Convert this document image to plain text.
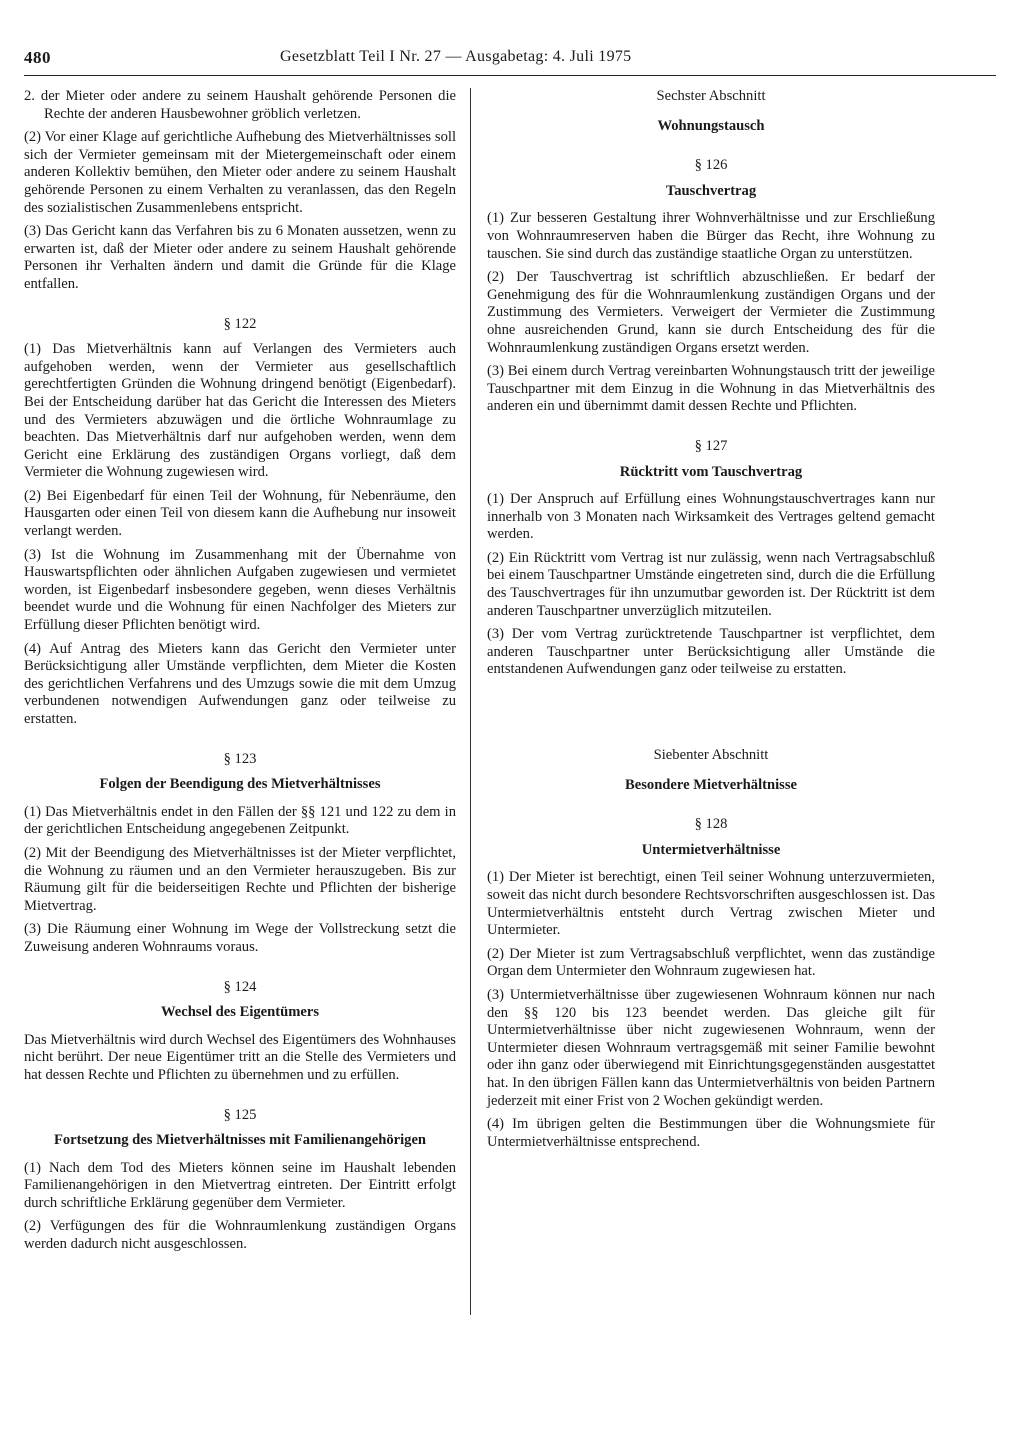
480	Gesetzblatt Teil I Nr. 27 — Ausgabetag: 4. Juli 1975

2. der Mieter oder andere zu seinem Haushalt gehörende Personen die Rechte der anderen Hausbewohner gröblich verletzen.

(2) Vor einer Klage auf gerichtliche Aufhebung des Mietverhältnisses soll sich der Vermieter gemeinsam mit der Mietergemeinschaft oder einem anderen Kollektiv bemühen, den Mieter oder andere zu seinem Haushalt gehörende Personen zu einem Verhalten zu veranlassen, das den Regeln des sozialistischen Zusammenlebens entspricht.

(3) Das Gericht kann das Verfahren bis zu 6 Monaten aussetzen, wenn zu erwarten ist, daß der Mieter oder andere zu seinem Haushalt gehörende Personen ihr Verhalten ändern und damit die Gründe für die Klage entfallen.

§ 122

(1) Das Mietverhältnis kann auf Verlangen des Vermieters auch aufgehoben werden, wenn der Vermieter aus gesellschaftlich gerechtfertigten Gründen die Wohnung dringend benötigt (Eigenbedarf). Bei der Entscheidung darüber hat das Gericht die Interessen des Mieters und des Vermieters abzuwägen und die örtliche Wohnraumlage zu beachten. Das Mietverhältnis darf nur aufgehoben werden, wenn dem Gericht eine Erklärung des zuständigen Organs vorliegt, daß dem Vermieter die Wohnung zugewiesen wird.

(2) Bei Eigenbedarf für einen Teil der Wohnung, für Nebenräume, den Hausgarten oder einen Teil von diesem kann die Aufhebung nur insoweit verlangt werden.

(3) Ist die Wohnung im Zusammenhang mit der Übernahme von Hauswartspflichten oder ähnlichen Aufgaben zugewiesen und vermietet worden, ist Eigenbedarf insbesondere gegeben, wenn dieses Verhältnis beendet wurde und die Wohnung für einen Nachfolger des Mieters zur Erfüllung dieser Pflichten benötigt wird.

(4) Auf Antrag des Mieters kann das Gericht den Vermieter unter Berücksichtigung aller Umstände verpflichten, dem Mieter die Kosten des gerichtlichen Verfahrens und des Umzugs sowie die mit dem Umzug verbundenen notwendigen Aufwendungen ganz oder teilweise zu erstatten.

§ 123
Folgen der Beendigung des Mietverhältnisses

(1) Das Mietverhältnis endet in den Fällen der §§ 121 und 122 zu dem in der gerichtlichen Entscheidung angegebenen Zeitpunkt.

(2) Mit der Beendigung des Mietverhältnisses ist der Mieter verpflichtet, die Wohnung zu räumen und an den Vermieter herauszugeben. Bis zur Räumung gilt für die beiderseitigen Rechte und Pflichten der bisherige Mietvertrag.

(3) Die Räumung einer Wohnung im Wege der Vollstreckung setzt die Zuweisung anderen Wohnraums voraus.

§ 124
Wechsel des Eigentümers

Das Mietverhältnis wird durch Wechsel des Eigentümers des Wohnhauses nicht berührt. Der neue Eigentümer tritt an die Stelle des Vermieters und hat dessen Rechte und Pflichten zu übernehmen und zu erfüllen.

§ 125
Fortsetzung des Mietverhältnisses mit Familienangehörigen

(1) Nach dem Tod des Mieters können seine im Haushalt lebenden Familienangehörigen in den Mietvertrag eintreten. Der Eintritt erfolgt durch schriftliche Erklärung gegenüber dem Vermieter.

(2) Verfügungen des für die Wohnraumlenkung zuständigen Organs werden dadurch nicht ausgeschlossen.

Sechster Abschnitt
Wohnungstausch
§ 126
Tauschvertrag

(1) Zur besseren Gestaltung ihrer Wohnverhältnisse und zur Erschließung von Wohnraumreserven haben die Bürger das Recht, ihre Wohnung zu tauschen. Sie sind durch das zuständige staatliche Organ zu unterstützen.

(2) Der Tauschvertrag ist schriftlich abzuschließen. Er bedarf der Genehmigung des für die Wohnraumlenkung zuständigen Organs und der Zustimmung des Vermieters. Verweigert der Vermieter die Zustimmung ohne ausreichenden Grund, kann sie durch Entscheidung des für die Wohnraumlenkung zuständigen Organs ersetzt werden.

(3) Bei einem durch Vertrag vereinbarten Wohnungstausch tritt der jeweilige Tauschpartner mit dem Einzug in die Wohnung in das Mietverhältnis des anderen ein und übernimmt damit dessen Rechte und Pflichten.

§ 127
Rücktritt vom Tauschvertrag

(1) Der Anspruch auf Erfüllung eines Wohnungstauschvertrages kann nur innerhalb von 3 Monaten nach Wirksamkeit des Vertrages geltend gemacht werden.

(2) Ein Rücktritt vom Vertrag ist nur zulässig, wenn nach Vertragsabschluß bei einem Tauschpartner Umstände eingetreten sind, durch die die Erfüllung des Tauschvertrages für ihn unzumutbar geworden ist. Der Rücktritt ist dem anderen Tauschpartner unverzüglich mitzuteilen.

(3) Der vom Vertrag zurücktretende Tauschpartner ist verpflichtet, dem anderen Tauschpartner unter Berücksichtigung aller Umstände die entstandenen Aufwendungen ganz oder teilweise zu erstatten.

Siebenter Abschnitt
Besondere Mietverhältnisse
§ 128
Untermietverhältnisse

(1) Der Mieter ist berechtigt, einen Teil seiner Wohnung unterzuvermieten, soweit das nicht durch besondere Rechtsvorschriften ausgeschlossen ist. Das Untermietverhältnis entsteht durch Vertrag zwischen Mieter und Untermieter.

(2) Der Mieter ist zum Vertragsabschluß verpflichtet, wenn das zuständige Organ dem Untermieter den Wohnraum zugewiesen hat.

(3) Untermietverhältnisse über zugewiesenen Wohnraum können nur nach den §§ 120 bis 123 beendet werden. Das gleiche gilt für Untermietverhältnisse über nicht zugewiesenen Wohnraum, wenn der Untermieter diesen Wohnraum vertragsgemäß mit seiner Familie bewohnt oder ihn ganz oder überwiegend mit Einrichtungsgegenständen ausgestattet hat. In den übrigen Fällen kann das Untermietverhältnis von beiden Partnern jederzeit mit einer Frist von 2 Wochen gekündigt werden.

(4) Im übrigen gelten die Bestimmungen über die Wohnungsmiete für Untermietverhältnisse entsprechend.
